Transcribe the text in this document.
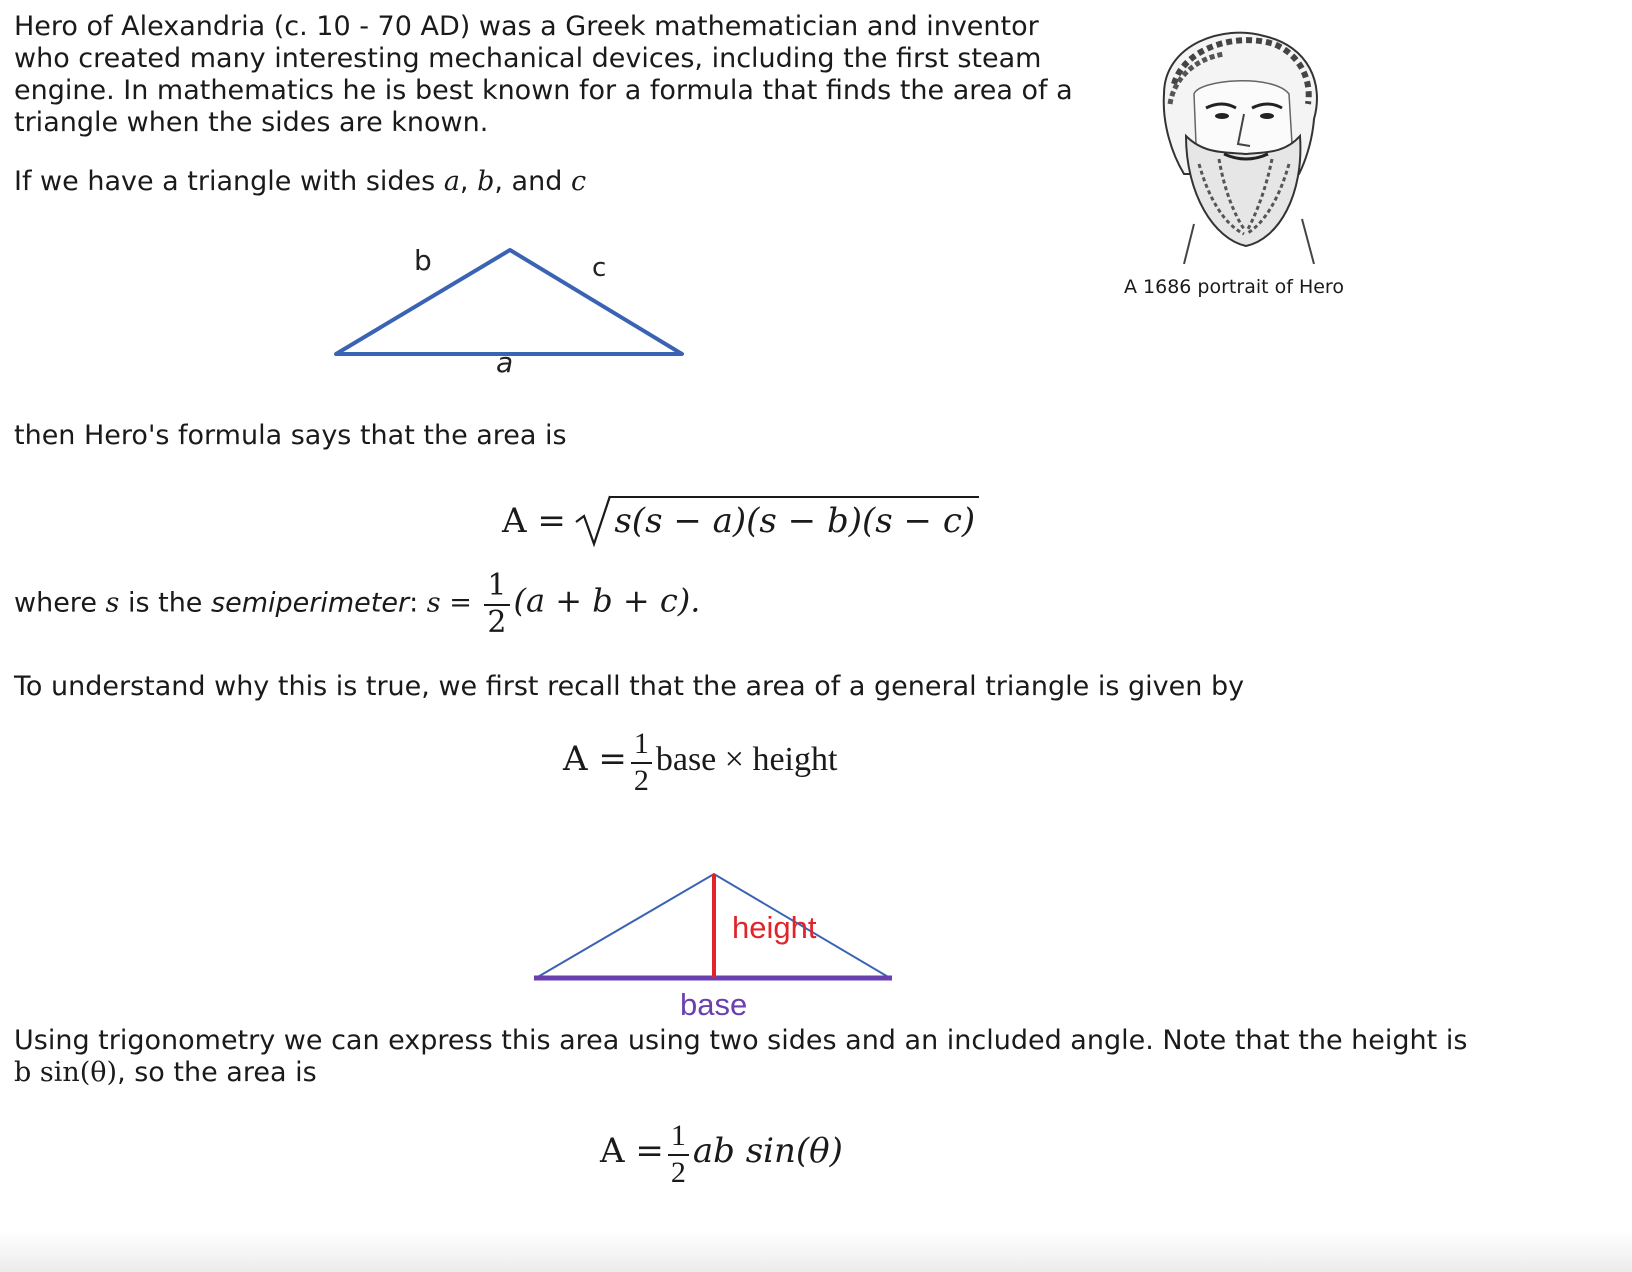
Hero of Alexandria (c. 10 - 70 AD) was a Greek mathematician and inventor

who created many interesting mechanical devices, including the first steam

engine. In mathematics he is best known for a formula that finds the area of a

triangle when the sides are known.

If we have a triangle with sides a, b, and c

b	c
a
A 1686 portrait of Hero

then Hero's formula says that the area is

A = s(s − a)(s − b)(s − c)
where s is the semiperimeter: $s = \frac{1}{2} (a + b + c)$.

To understand why this is true, we first recall that the area of a general triangle is given by

$A = \frac{1}{2}$ base × height
height
base

Using trigonometry we can express this area using two sides and an included angle. Note that the height is

b sin(θ), so the area is

$A = \frac{1}{2}$ ab sin(θ)
